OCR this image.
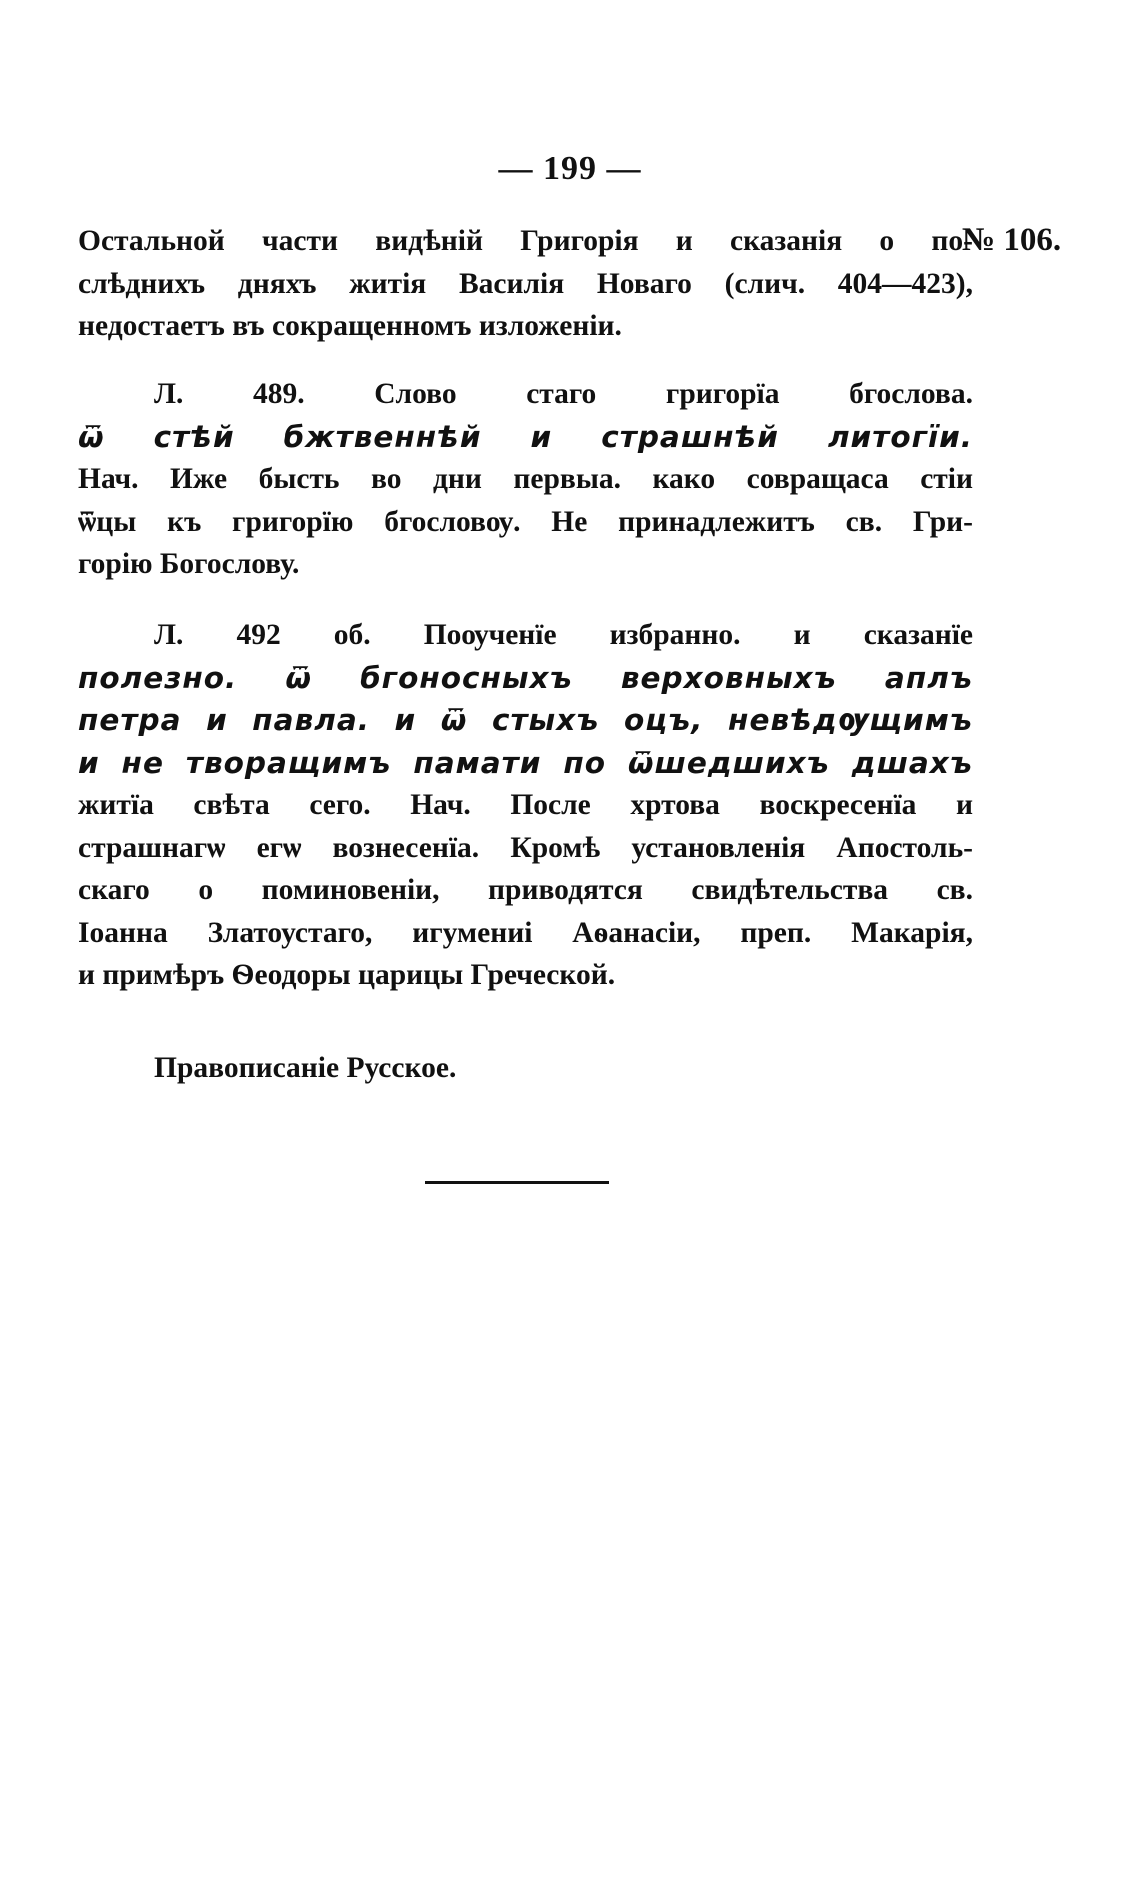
— 199 —
№ 106.
Остальной части видѣній Григорія и сказанія о по-
слѣднихъ дняхъ житія Василія Новаго (слич. 404—423),
недостаетъ въ сокращенномъ изложеніи.
Л. 489. Слово стаго григорїа бгослова.
ѿ стѣй бжтвеннѣй и страшнѣй литогїи.
Нач. Иже бысть во дни первыа. како совращаса стіи
ѿцы къ григорїю бгословѹ. Не принадлежитъ св. Гри-
горію Богослову.
Л. 492 об. Поѹченїе избранно. и сказанїе
полезно. ѿ бгоносныхъ верховныхъ аплъ
петра и павла. и ѿ стыхъ оцъ, невѣдѹщимъ
и не творащимъ памати по ѿшедшихъ дшахъ
житїа свѣта сего. Нач. После хртова воскресенїа и
страшнагѡ егѡ вознесенїа. Кромѣ установленія Апостоль-
скаго о поминовеніи, приводятся свидѣтельства св.
Іоанна Златоустаго, игумениі Аѳанасіи, преп. Макарія,
и примѣръ Ѳеодоры царицы Греческой.
Правописаніе Русское.
